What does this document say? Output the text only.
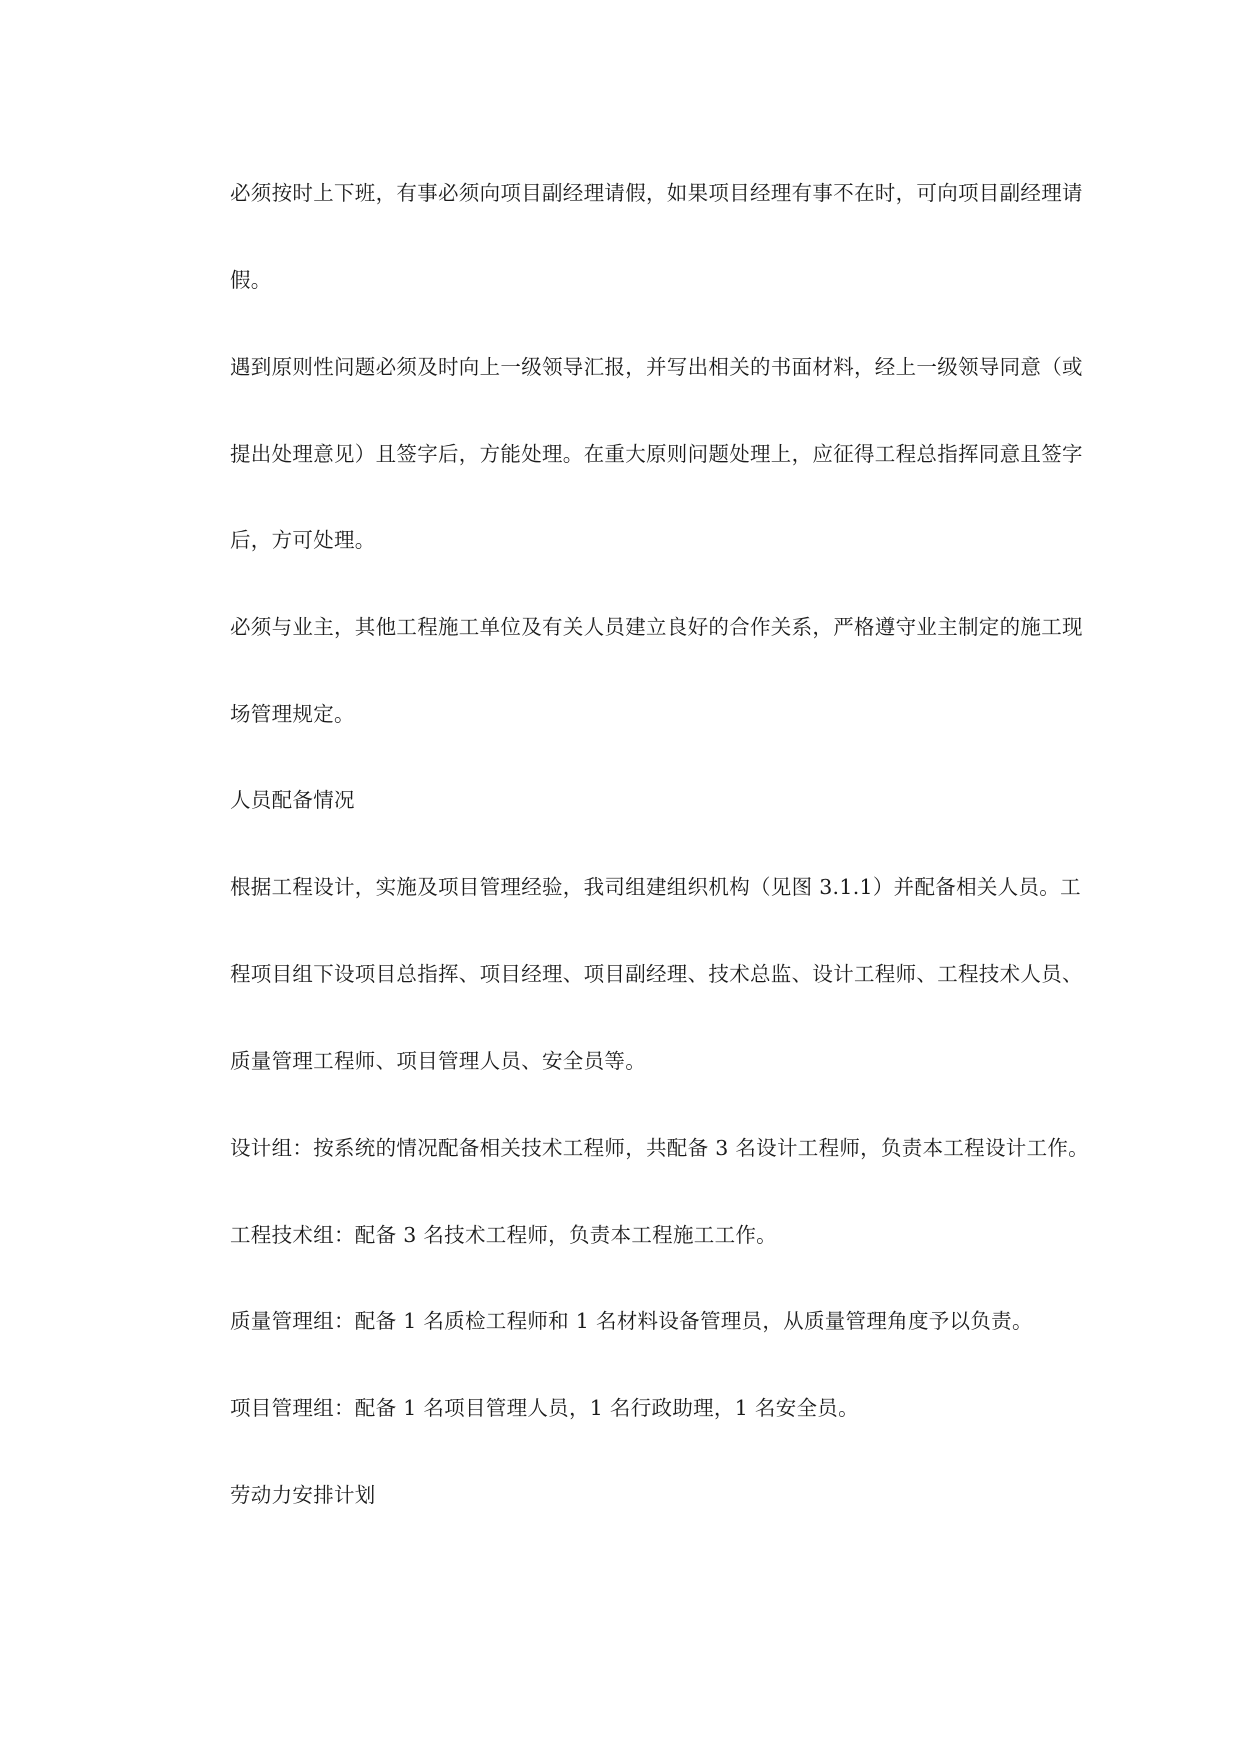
必须按时上下班，有事必须向项目副经理请假，如果项目经理有事不在时，可向项目副经理请
假。
遇到原则性问题必须及时向上一级领导汇报，并写出相关的书面材料，经上一级领导同意（或
提出处理意见）且签字后，方能处理。在重大原则问题处理上，应征得工程总指挥同意且签字
后，方可处理。
必须与业主，其他工程施工单位及有关人员建立良好的合作关系，严格遵守业主制定的施工现
场管理规定。
人员配备情况
根据工程设计，实施及项目管理经验，我司组建组织机构（见图 3.1.1）并配备相关人员。工
程项目组下设项目总指挥、项目经理、项目副经理、技术总监、设计工程师、工程技术人员、
质量管理工程师、项目管理人员、安全员等。
设计组：按系统的情况配备相关技术工程师，共配备 3 名设计工程师，负责本工程设计工作。
工程技术组：配备 3 名技术工程师，负责本工程施工工作。
质量管理组：配备 1 名质检工程师和 1 名材料设备管理员，从质量管理角度予以负责。
项目管理组：配备 1 名项目管理人员，1 名行政助理，1 名安全员。
劳动力安排计划
